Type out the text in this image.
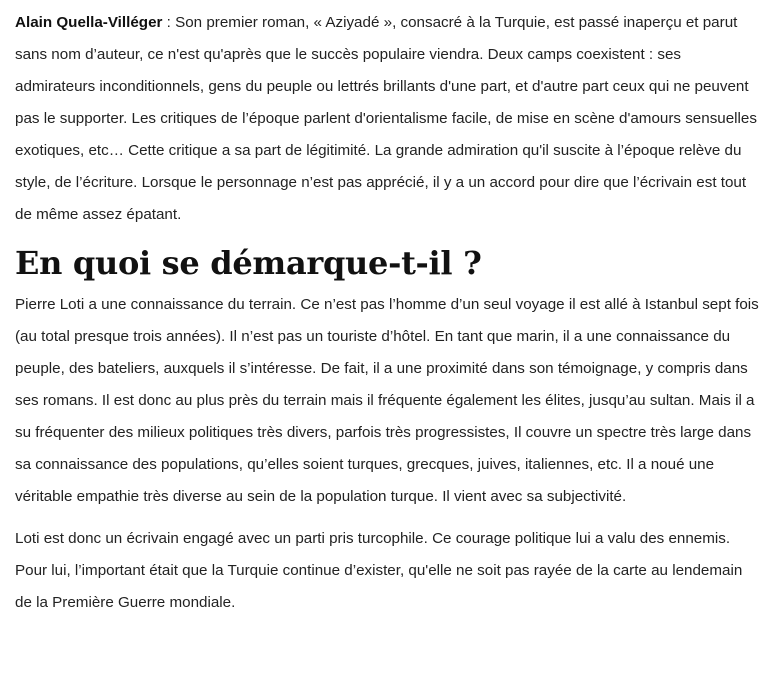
Alain Quella-Villéger : Son premier roman, « Aziyadé », consacré à la Turquie, est passé inaperçu et parut sans nom d’auteur, ce n'est qu'après que le succès populaire viendra. Deux camps coexistent : ses admirateurs inconditionnels, gens du peuple ou lettrés brillants d'une part, et d'autre part ceux qui ne peuvent pas le supporter. Les critiques de l’époque parlent d'orientalisme facile, de mise en scène d'amours sensuelles exotiques, etc… Cette critique a sa part de légitimité. La grande admiration qu'il suscite à l’époque relève du style, de l’écriture. Lorsque le personnage n’est pas apprécié, il y a un accord pour dire que l’écrivain est tout de même assez épatant.

En quoi se démarque-t-il ?

Pierre Loti a une connaissance du terrain. Ce n’est pas l’homme d’un seul voyage il est allé à Istanbul sept fois (au total presque trois années). Il n’est pas un touriste d’hôtel. En tant que marin, il a une connaissance du peuple, des bateliers, auxquels il s’intéresse. De fait, il a une proximité dans son témoignage, y compris dans ses romans. Il est donc au plus près du terrain mais il fréquente également les élites, jusqu’au sultan. Mais il a su fréquenter des milieux politiques très divers, parfois très progressistes, Il couvre un spectre très large dans sa connaissance des populations, qu’elles soient turques, grecques, juives, italiennes, etc. Il a noué une véritable empathie très diverse au sein de la population turque. Il vient avec sa subjectivité.

Loti est donc un écrivain engagé avec un parti pris turcophile. Ce courage politique lui a valu des ennemis. Pour lui, l’important était que la Turquie continue d’exister, qu'elle ne soit pas rayée de la carte au lendemain de la Première Guerre mondiale.
